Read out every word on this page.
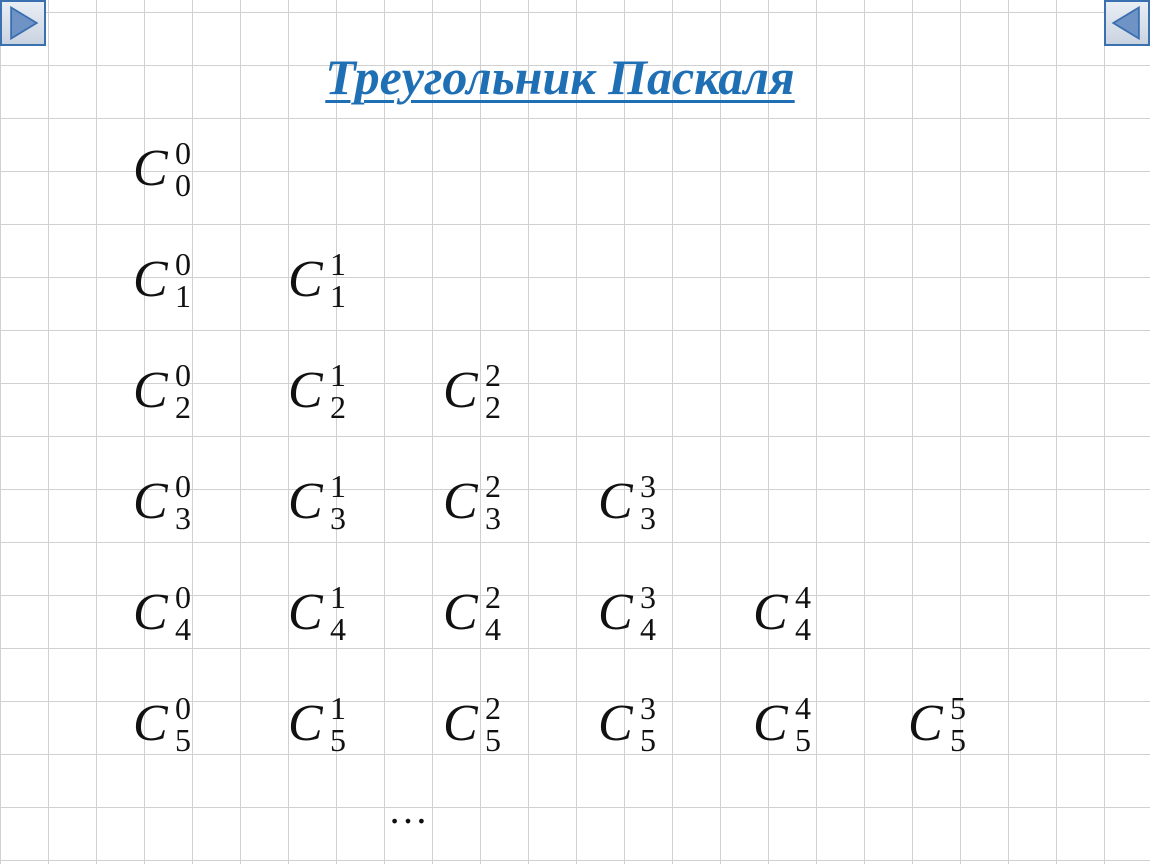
Треугольник Паскаля
C 0
0
C 0
1 C 1
1
C 0
2 C 1
2 C 2
2
C 0
3 C 1
3 C 2
3 C 3
3
C 0
4 C 1
4 C 2
4 C 3
4 C 4
4
C 0
5 C 1
5 C 2
5 C 3
5 C 4
5 C 5
5
…
